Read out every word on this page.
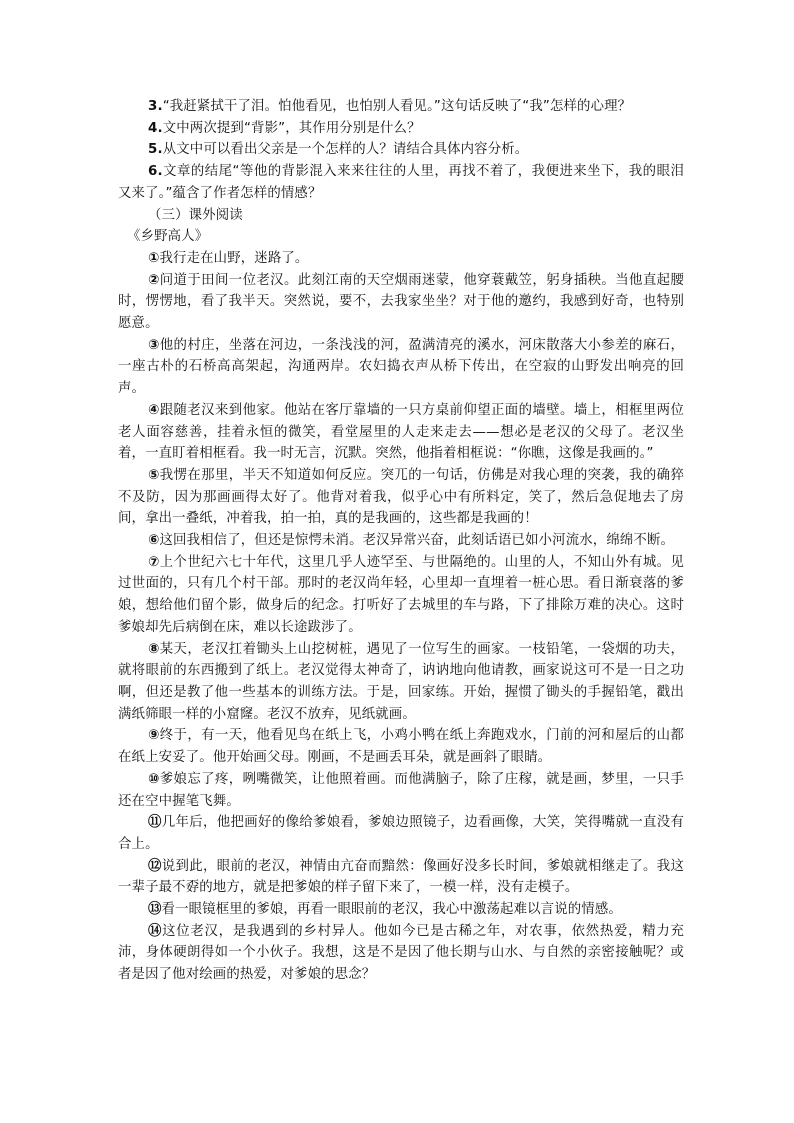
3.“我赶紧拭干了泪。怕他看见，也怕别人看见。”这句话反映了“我”怎样的心理？

4.文中两次提到“背影”，其作用分别是什么？

5.从文中可以看出父亲是一个怎样的人？请结合具体内容分析。

6.文章的结尾“等他的背影混入来来往往的人里，再找不着了，我便进来坐下，我的眼泪又来了。”蕴含了作者怎样的情感？

（三）课外阅读

《乡野高人》

①我行走在山野，迷路了。

②问道于田间一位老汉。此刻江南的天空烟雨迷蒙，他穿蓑戴笠，躬身插秧。当他直起腰时，愣愣地，看了我半天。突然说，要不，去我家坐坐？对于他的邀约，我感到好奇，也特别愿意。

③他的村庄，坐落在河边，一条浅浅的河，盈满清亮的溪水，河床散落大小参差的麻石，一座古朴的石桥高高架起，沟通两岸。农妇捣衣声从桥下传出，在空寂的山野发出响亮的回声。

④跟随老汉来到他家。他站在客厅靠墙的一只方桌前仰望正面的墙壁。墙上，相框里两位老人面容慈善，挂着永恒的微笑，看堂屋里的人走来走去——想必是老汉的父母了。老汉坐着，一直盯着相框看。我一时无言，沉默。突然，他指着相框说：“你瞧，这像是我画的。”

⑤我愣在那里，半天不知道如何反应。突兀的一句话，仿佛是对我心理的突袭，我的确猝不及防，因为那画画得太好了。他背对着我，似乎心中有所料定，笑了，然后急促地去了房间，拿出一叠纸，冲着我，拍一拍，真的是我画的，这些都是我画的！

⑥这回我相信了，但还是惊愕未消。老汉异常兴奋，此刻话语已如小河流水，绵绵不断。

⑦上个世纪六七十年代，这里几乎人迹罕至、与世隔绝的。山里的人，不知山外有城。见过世面的，只有几个村干部。那时的老汉尚年轻，心里却一直埋着一桩心思。看日渐衰落的爹娘，想给他们留个影，做身后的纪念。打听好了去城里的车与路，下了排除万难的决心。这时爹娘却先后病倒在床，难以长途跋涉了。

⑧某天，老汉扛着锄头上山挖树桩，遇见了一位写生的画家。一枝铅笔，一袋烟的功夫，就将眼前的东西搬到了纸上。老汉觉得太神奇了，讷讷地向他请教，画家说这可不是一日之功啊，但还是教了他一些基本的训练方法。于是，回家练。开始，握惯了锄头的手握铅笔，戳出满纸筛眼一样的小窟窿。老汉不放弃，见纸就画。

⑨终于，有一天，他看见鸟在纸上飞，小鸡小鸭在纸上奔跑戏水，门前的河和屋后的山都在纸上安妥了。他开始画父母。刚画，不是画丢耳朵，就是画斜了眼睛。

⑩爹娘忘了疼，咧嘴微笑，让他照着画。而他满脑子，除了庄稼，就是画，梦里，一只手还在空中握笔飞舞。

⑪几年后，他把画好的像给爹娘看，爹娘边照镜子，边看画像，大笑，笑得嘴就一直没有合上。

⑫说到此，眼前的老汉，神情由亢奋而黯然：像画好没多长时间，爹娘就相继走了。我这一辈子最不孬的地方，就是把爹娘的样子留下来了，一模一样，没有走模子。

⑬看一眼镜框里的爹娘，再看一眼眼前的老汉，我心中激荡起难以言说的情感。

⑭这位老汉，是我遇到的乡村异人。他如今已是古稀之年，对农事，依然热爱，精力充沛，身体硬朗得如一个小伙子。我想，这是不是因了他长期与山水、与自然的亲密接触呢？或者是因了他对绘画的热爱，对爹娘的思念？
